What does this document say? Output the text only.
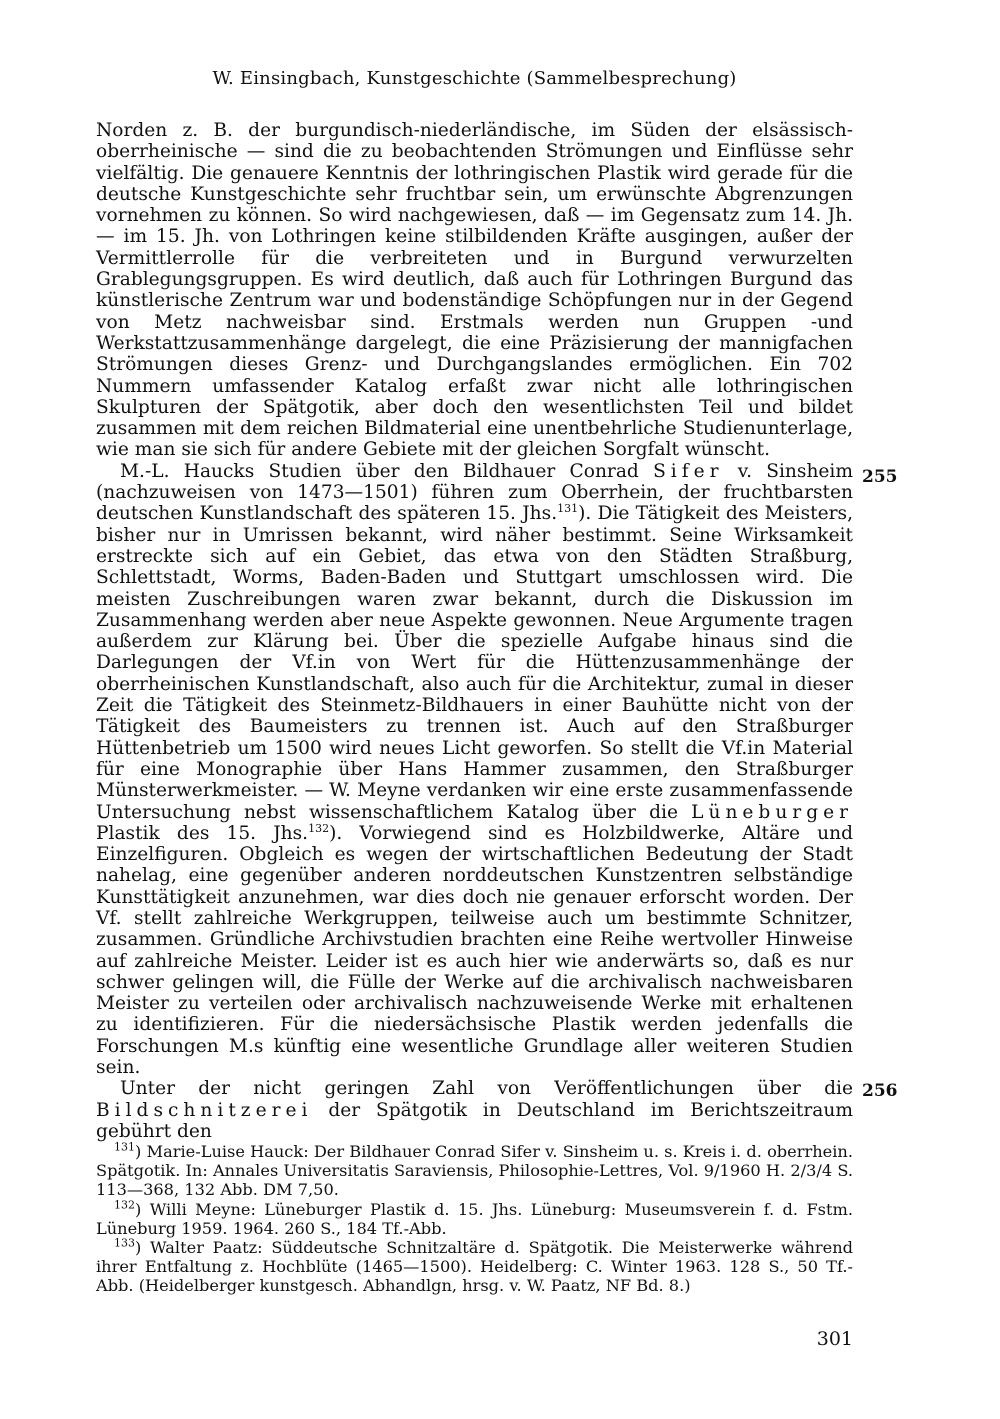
W. Einsingbach, Kunstgeschichte (Sammelbesprechung)

Norden z. B. der burgundisch-niederländische, im Süden der elsässisch-oberrheinische — sind die zu beobachtenden Strömungen und Einflüsse sehr vielfältig. Die genauere Kenntnis der lothringischen Plastik wird gerade für die deutsche Kunstgeschichte sehr fruchtbar sein, um erwünschte Abgrenzungen vornehmen zu können. So wird nachgewiesen, daß — im Gegensatz zum 14. Jh. — im 15. Jh. von Lothringen keine stilbildenden Kräfte ausgingen, außer der Vermittlerrolle für die verbreiteten und in Burgund verwurzelten Grablegungsgruppen. Es wird deutlich, daß auch für Lothringen Burgund das künstlerische Zentrum war und bodenständige Schöpfungen nur in der Gegend von Metz nachweisbar sind. Erstmals werden nun Gruppen -und Werkstattzusammenhänge dargelegt, die eine Präzisierung der mannigfachen Strömungen dieses Grenz- und Durchgangslandes ermöglichen. Ein 702 Nummern umfassender Katalog erfaßt zwar nicht alle lothringischen Skulpturen der Spätgotik, aber doch den wesentlichsten Teil und bildet zusammen mit dem reichen Bildmaterial eine unentbehrliche Studienunterlage, wie man sie sich für andere Gebiete mit der gleichen Sorgfalt wünscht.

M.-L. Haucks Studien über den Bildhauer Conrad Sifer v. Sinsheim (nachzuweisen von 1473—1501) führen zum Oberrhein, der fruchtbarsten deutschen Kunstlandschaft des späteren 15. Jhs.$^{131}$). Die Tätigkeit des Meisters, bisher nur in Umrissen bekannt, wird näher bestimmt. Seine Wirksamkeit erstreckte sich auf ein Gebiet, das etwa von den Städten Straßburg, Schlettstadt, Worms, Baden-Baden und Stuttgart umschlossen wird. Die meisten Zuschreibungen waren zwar bekannt, durch die Diskussion im Zusammenhang werden aber neue Aspekte gewonnen. Neue Argumente tragen außerdem zur Klärung bei. Über die spezielle Aufgabe hinaus sind die Darlegungen der Vf.in von Wert für die Hüttenzusammenhänge der oberrheinischen Kunstlandschaft, also auch für die Architektur, zumal in dieser Zeit die Tätigkeit des Steinmetz-Bildhauers in einer Bauhütte nicht von der Tätigkeit des Baumeisters zu trennen ist. Auch auf den Straßburger Hüttenbetrieb um 1500 wird neues Licht geworfen. So stellt die Vf.in Material für eine Monographie über Hans Hammer zusammen, den Straßburger Münsterwerkmeister. — W. Meyne verdanken wir eine erste zusammenfassende Untersuchung nebst wissenschaftlichem Katalog über die Lüneburger Plastik des 15. Jhs.$^{132}$). Vorwiegend sind es Holzbildwerke, Altäre und Einzelfiguren. Obgleich es wegen der wirtschaftlichen Bedeutung der Stadt nahelag, eine gegenüber anderen norddeutschen Kunstzentren selbständige Kunsttätigkeit anzunehmen, war dies doch nie genauer erforscht worden. Der Vf. stellt zahlreiche Werkgruppen, teilweise auch um bestimmte Schnitzer, zusammen. Gründliche Archivstudien brachten eine Reihe wertvoller Hinweise auf zahlreiche Meister. Leider ist es auch hier wie anderwärts so, daß es nur schwer gelingen will, die Fülle der Werke auf die archivalisch nachweisbaren Meister zu verteilen oder archivalisch nachzuweisende Werke mit erhaltenen zu identifizieren. Für die niedersächsische Plastik werden jedenfalls die Forschungen M.s künftig eine wesentliche Grundlage aller weiteren Studien sein.

Unter der nicht geringen Zahl von Veröffentlichungen über die Bildschnitzerei der Spätgotik in Deutschland im Berichtszeitraum gebührt den

255
256

$^{131}$) Marie-Luise Hauck: Der Bildhauer Conrad Sifer v. Sinsheim u. s. Kreis i. d. oberrhein. Spätgotik. In: Annales Universitatis Saraviensis, Philosophie-Lettres, Vol. 9/1960 H. 2/3/4 S. 113—368, 132 Abb. DM 7,50.

$^{132}$) Willi Meyne: Lüneburger Plastik d. 15. Jhs. Lüneburg: Museumsverein f. d. Fstm. Lüneburg 1959. 1964. 260 S., 184 Tf.-Abb.

$^{133}$) Walter Paatz: Süddeutsche Schnitzaltäre d. Spätgotik. Die Meisterwerke während ihrer Entfaltung z. Hochblüte (1465—1500). Heidelberg: C. Winter 1963. 128 S., 50 Tf.-Abb. (Heidelberger kunstgesch. Abhandlgn, hrsg. v. W. Paatz, NF Bd. 8.)

301
